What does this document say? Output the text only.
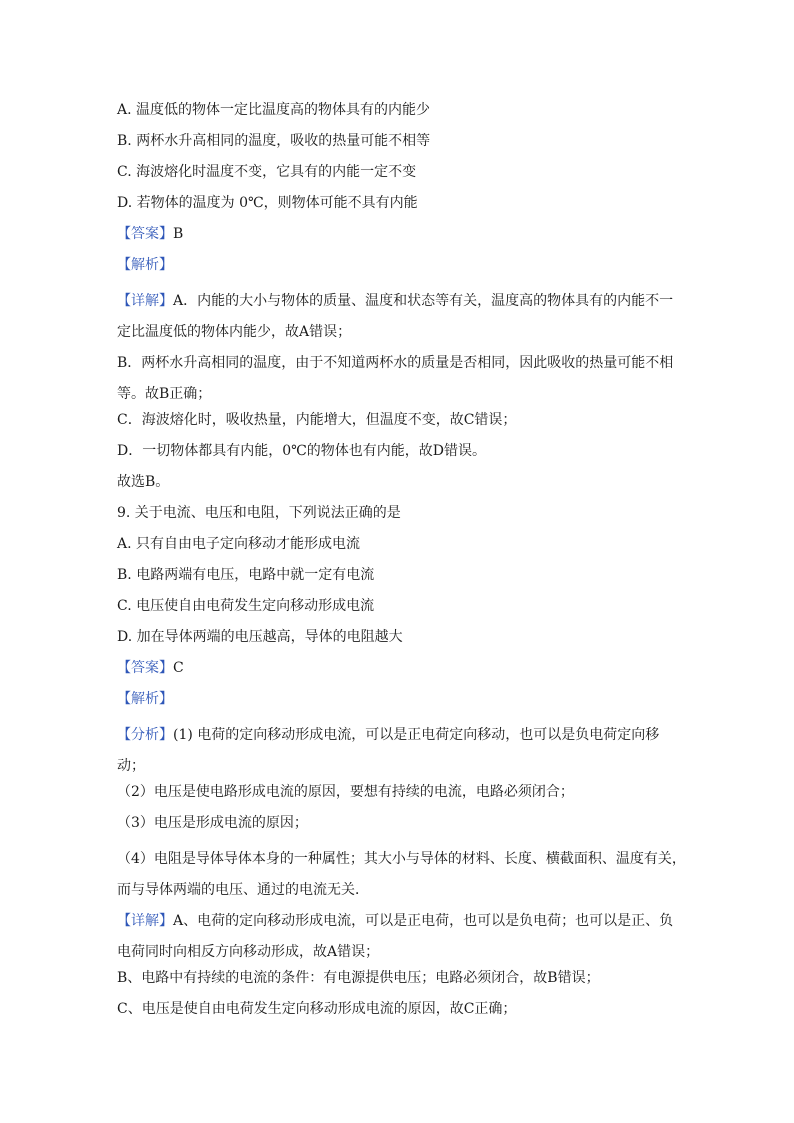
A. 温度低的物体一定比温度高的物体具有的内能少
B. 两杯水升高相同的温度，吸收的热量可能不相等
C. 海波熔化时温度不变，它具有的内能一定不变
D. 若物体的温度为 0℃，则物体可能不具有内能
【答案】B
【解析】
【详解】A．内能的大小与物体的质量、温度和状态等有关，温度高的物体具有的内能不一定比温度低的物体内能少，故A错误；
B．两杯水升高相同的温度，由于不知道两杯水的质量是否相同，因此吸收的热量可能不相等。故B正确；
C．海波熔化时，吸收热量，内能增大，但温度不变，故C错误；
D．一切物体都具有内能，0℃的物体也有内能，故D错误。
故选B。
9. 关于电流、电压和电阻，下列说法正确的是
A. 只有自由电子定向移动才能形成电流
B. 电路两端有电压，电路中就一定有电流
C. 电压使自由电荷发生定向移动形成电流
D. 加在导体两端的电压越高，导体的电阻越大
【答案】C
【解析】
【分析】(1) 电荷的定向移动形成电流，可以是正电荷定向移动，也可以是负电荷定向移动；
（2）电压是使电路形成电流的原因，要想有持续的电流，电路必须闭合；
（3）电压是形成电流的原因；
（4）电阻是导体导体本身的一种属性；其大小与导体的材料、长度、横截面积、温度有关，而与导体两端的电压、通过的电流无关．
【详解】A、电荷的定向移动形成电流，可以是正电荷，也可以是负电荷；也可以是正、负电荷同时向相反方向移动形成，故A错误；
B、电路中有持续的电流的条件：有电源提供电压；电路必须闭合，故B错误；
C、电压是使自由电荷发生定向移动形成电流的原因，故C正确；
